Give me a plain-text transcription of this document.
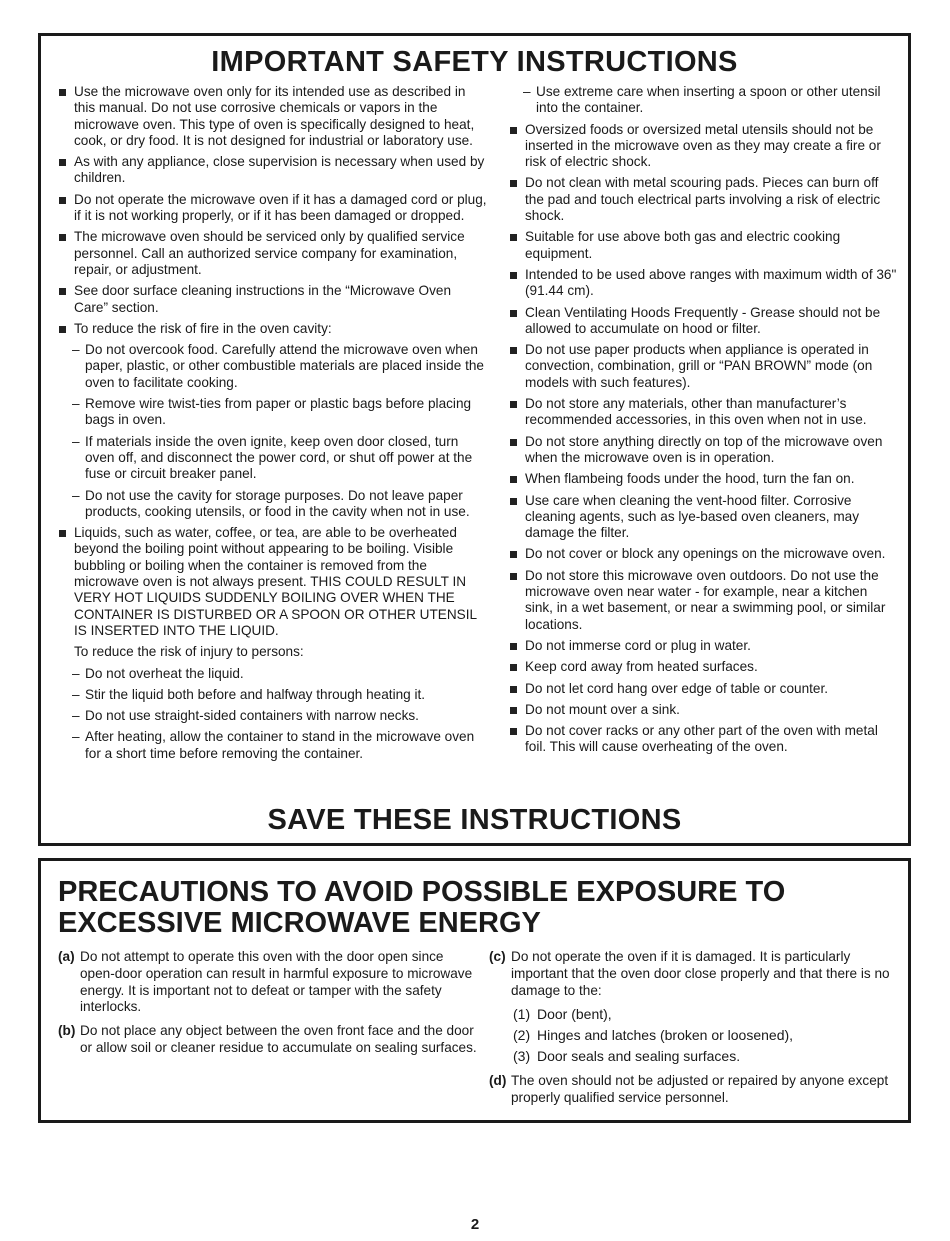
IMPORTANT SAFETY INSTRUCTIONS
Use the microwave oven only for its intended use as described in this manual. Do not use corrosive chemicals or vapors in the microwave oven. This type of oven is specifically designed to heat, cook, or dry food. It is not designed for industrial or laboratory use.
As with any appliance, close supervision is necessary when used by children.
Do not operate the microwave oven if it has a damaged cord or plug, if it is not working properly, or if it has been damaged or dropped.
The microwave oven should be serviced only by qualified service personnel. Call an authorized service company for examination, repair, or adjustment.
See door surface cleaning instructions in the “Microwave Oven Care” section.
To reduce the risk of fire in the oven cavity:
– Do not overcook food. Carefully attend the microwave oven when paper, plastic, or other combustible materials are placed inside the oven to facilitate cooking.
– Remove wire twist-ties from paper or plastic bags before placing bags in oven.
– If materials inside the oven ignite, keep oven door closed, turn oven off, and disconnect the power cord, or shut off power at the fuse or circuit breaker panel.
– Do not use the cavity for storage purposes. Do not leave paper products, cooking utensils, or food in the cavity when not in use.
Liquids, such as water, coffee, or tea, are able to be overheated beyond the boiling point without appearing to be boiling. Visible bubbling or boiling when the container is removed from the microwave oven is not always present. THIS COULD RESULT IN VERY HOT LIQUIDS SUDDENLY BOILING OVER WHEN THE CONTAINER IS DISTURBED OR A SPOON OR OTHER UTENSIL IS INSERTED INTO THE LIQUID.
To reduce the risk of injury to persons:
– Do not overheat the liquid.
– Stir the liquid both before and halfway through heating it.
– Do not use straight-sided containers with narrow necks.
– After heating, allow the container to stand in the microwave oven for a short time before removing the container.
– Use extreme care when inserting a spoon or other utensil into the container.
Oversized foods or oversized metal utensils should not be inserted in the microwave oven as they may create a fire or risk of electric shock.
Do not clean with metal scouring pads. Pieces can burn off the pad and touch electrical parts involving a risk of electric shock.
Suitable for use above both gas and electric cooking equipment.
Intended to be used above ranges with maximum width of 36" (91.44 cm).
Clean Ventilating Hoods Frequently - Grease should not be allowed to accumulate on hood or filter.
Do not use paper products when appliance is operated in convection, combination, grill or “PAN BROWN” mode (on models with such features).
Do not store any materials, other than manufacturer’s recommended accessories, in this oven when not in use.
Do not store anything directly on top of the microwave oven when the microwave oven is in operation.
When flambeing foods under the hood, turn the fan on.
Use care when cleaning the vent-hood filter. Corrosive cleaning agents, such as lye-based oven cleaners, may damage the filter.
Do not cover or block any openings on the microwave oven.
Do not store this microwave oven outdoors. Do not use the microwave oven near water - for example, near a kitchen sink, in a wet basement, or near a swimming pool, or similar locations.
Do not immerse cord or plug in water.
Keep cord away from heated surfaces.
Do not let cord hang over edge of table or counter.
Do not mount over a sink.
Do not cover racks or any other part of the oven with metal foil. This will cause overheating of the oven.
SAVE THESE INSTRUCTIONS
PRECAUTIONS TO AVOID POSSIBLE EXPOSURE TO EXCESSIVE MICROWAVE ENERGY
(a) Do not attempt to operate this oven with the door open since open-door operation can result in harmful exposure to microwave energy. It is important not to defeat or tamper with the safety interlocks.
(b) Do not place any object between the oven front face and the door or allow soil or cleaner residue to accumulate on sealing surfaces.
(c) Do not operate the oven if it is damaged. It is particularly important that the oven door close properly and that there is no damage to the:
(1) Door (bent),
(2) Hinges and latches (broken or loosened),
(3) Door seals and sealing surfaces.
(d) The oven should not be adjusted or repaired by anyone except properly qualified service personnel.
2
